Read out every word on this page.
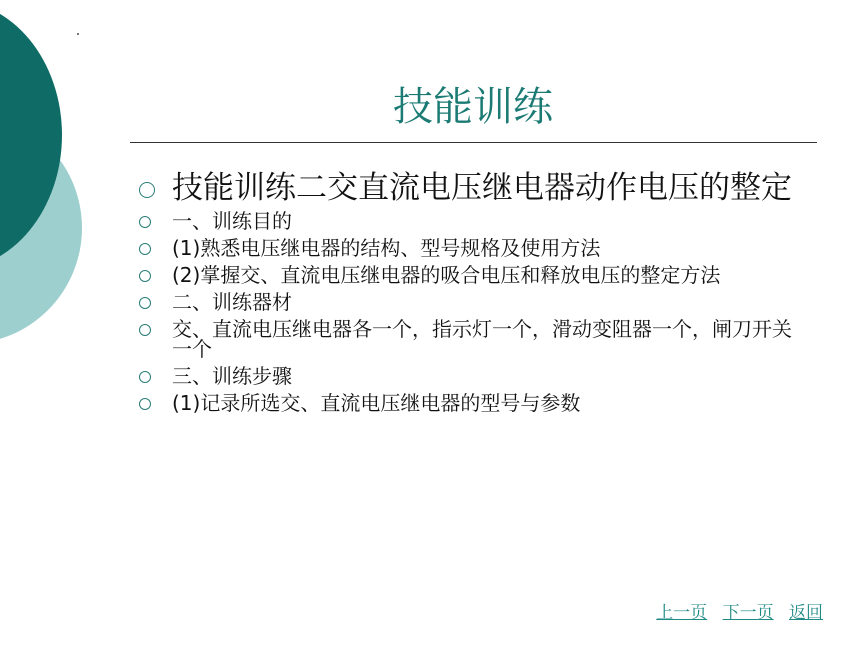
技能训练
技能训练二交直流电压继电器动作电压的整定
一、训练目的
(1)熟悉电压继电器的结构、型号规格及使用方法
(2)掌握交、直流电压继电器的吸合电压和释放电压的整定方法
二、训练器材
交、直流电压继电器各一个，指示灯一个，滑动变阻器一个，闸刀开关一个
三、训练步骤
(1)记录所选交、直流电压继电器的型号与参数
上一页 下一页 返回
